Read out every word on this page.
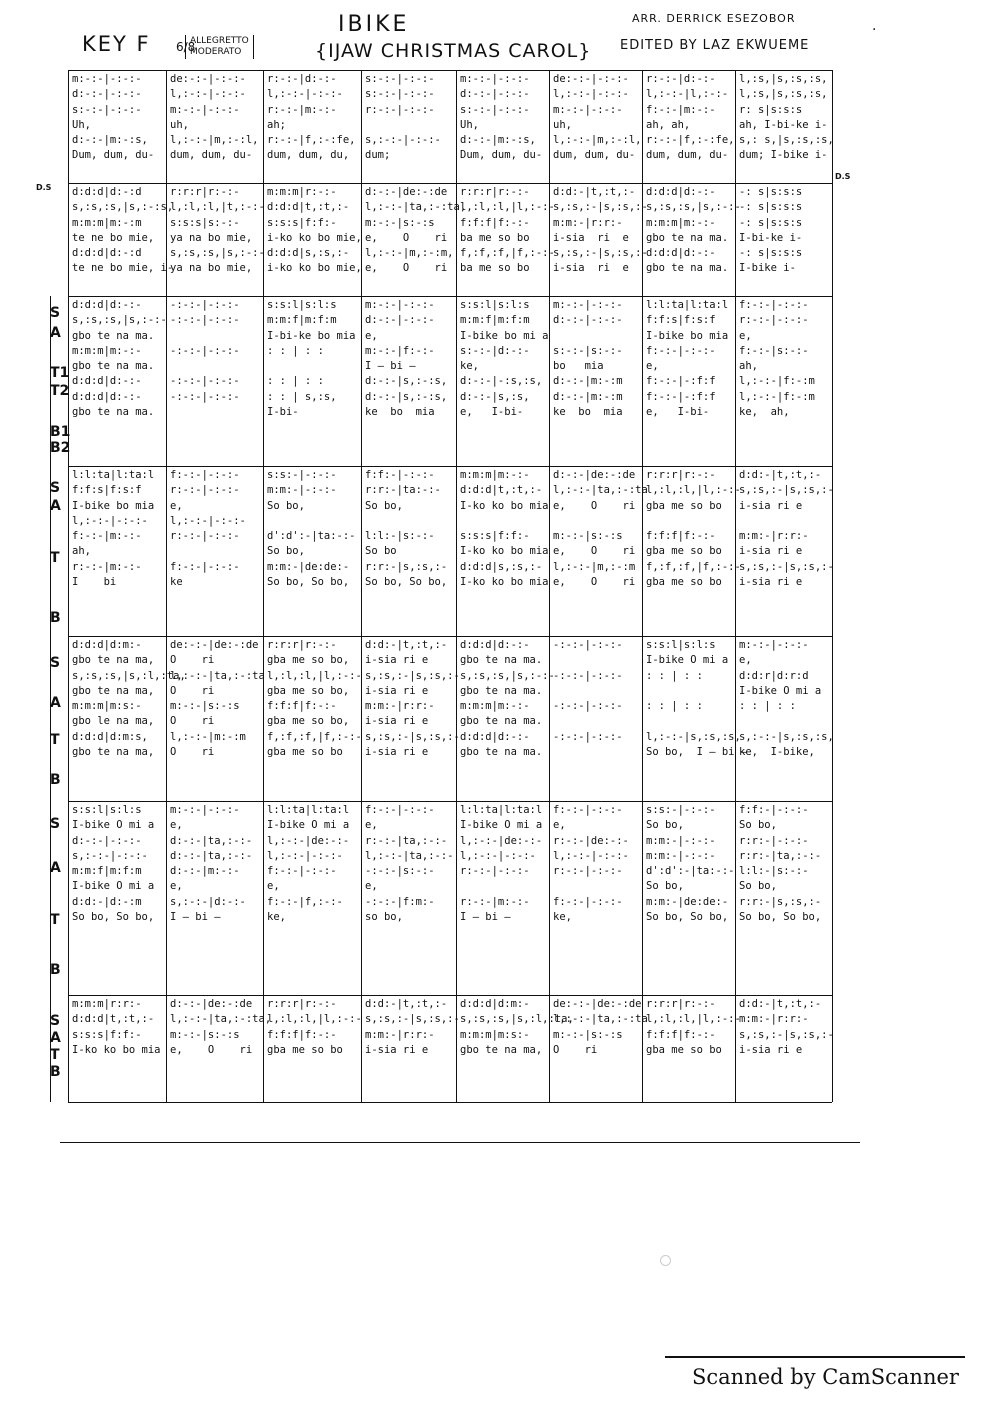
IBIKE
{IJAW CHRISTMAS CAROL}
KEY F 6/8
ALLEGRETTO
MODERATO
ARR. DERRICK ESEZOBOR
EDITED BY LAZ EKWUEME
·
m:-:-|-:-:-
d:-:-|-:-:-
s:-:-|-:-:-
Uh,
d:-:-|m:-:s,
Dum, dum, du-
de:-:-|-:-:-
l,:-:-|-:-:-
m:-:-|-:-:-
uh,
l,:-:-|m,:-:l,
dum, dum, du-
r:-:-|d:-:-
l,:-:-|-:-:-
r:-:-|m:-:-
ah;
r:-:-|f,:-:fe,
dum, dum, du,
s:-:-|-:-:-
s:-:-|-:-:-
r:-:-|-:-:-
s,:-:-|-:-:-
dum;
m:-:-|-:-:-
d:-:-|-:-:-
s:-:-|-:-:-
Uh,
d:-:-|m:-:s,
Dum, dum, du-
de:-:-|-:-:-
l,:-:-|-:-:-
m:-:-|-:-:-
uh,
l,:-:-|m,:-:l,
dum, dum, du-
r:-:-|d:-:-
l,:-:-|l,:-:-
f:-:-|m:-:-
ah, ah,
r:-:-|f,:-:fe,
dum, dum, du-
l,:s,|s,:s,:s,
l,:s,|s,:s,:s,
r: s|s:s:s
ah, I-bi-ke i-
s,: s,|s,:s,:s,
dum; I-bike i-
d:d:d|d:-:d
s,:s,:s,|s,:-:s,
m:m:m|m:-:m
te ne bo mie,
d:d:d|d:-:d
te ne bo mie, i-
r:r:r|r:-:-
l,:l,:l,|t,:-:-
s:s:s|s:-:-
ya na bo mie,
s,:s,:s,|s,:-:-
ya na bo mie,
m:m:m|r:-:-
d:d:d|t,:t,:-
s:s:s|f:f:-
i-ko ko bo mie,
d:d:d|s,:s,:-
i-ko ko bo mie,
d:-:-|de:-:de
l,:-:-|ta,:-:ta,
m:-:-|s:-:s
e,    O    ri
l,:-:-|m,:-:m,
e,    O    ri
r:r:r|r:-:-
l,:l,:l,|l,:-:-
f:f:f|f:-:-
ba me so bo
f,:f,:f,|f,:-:-
ba me so bo
d:d:-|t,:t,:-
s,:s,:-|s,:s,:-
m:m:-|r:r:-
i-sia  ri  e
s,:s,:-|s,:s,:-
i-sia  ri  e
d:d:d|d:-:-
s,:s,:s,|s,:-:-
m:m:m|m:-:-
gbo te na ma.
d:d:d|d:-:-
gbo te na ma.
-: s|s:s:s
-: s|s:s:s
-: s|s:s:s
I-bi-ke i-
-: s|s:s:s
I-bike i-
d:d:d|d:-:-
s,:s,:s,|s,:-:-
gbo te na ma.
m:m:m|m:-:-
gbo te na ma.
d:d:d|d:-:-
d:d:d|d:-:-
gbo te na ma.
-:-:-|-:-:-
-:-:-|-:-:-
-:-:-|-:-:-
-:-:-|-:-:-
-:-:-|-:-:-
s:s:l|s:l:s
m:m:f|m:f:m
I-bi-ke bo mia
: : | : :
: : | : :
: : | s,:s,
I-bi-
m:-:-|-:-:-
d:-:-|-:-:-
e,
m:-:-|f:-:-
I — bi —
d:-:-|s,:-:s,
d:-:-|s,:-:s,
ke  bo  mia
s:s:l|s:l:s
m:m:f|m:f:m
I-bike bo mi a
s:-:-|d:-:-
ke,
d:-:-|-:s,:s,
d:-:-|s,:s,
e,   I-bi-
m:-:-|-:-:-
d:-:-|-:-:-
s:-:-|s:-:-
bo   mia
d:-:-|m:-:m
d:-:-|m:-:m
ke  bo  mia
l:l:ta|l:ta:l
f:f:s|f:s:f
I-bike bo mia
f:-:-|-:-:-
e,
f:-:-|-:f:f
f:-:-|-:f:f
e,   I-bi-
f:-:-|-:-:-
r:-:-|-:-:-
e,
f:-:-|s:-:-
ah,
l,:-:-|f:-:m
l,:-:-|f:-:m
ke,  ah,
l:l:ta|l:ta:l
f:f:s|f:s:f
I-bike bo mia
l,:-:-|-:-:-
f:-:-|m:-:-
ah,
r:-:-|m:-:-
I    bi
f:-:-|-:-:-
r:-:-|-:-:-
e,
l,:-:-|-:-:-
r:-:-|-:-:-
f:-:-|-:-:-
ke
s:s:-|-:-:-
m:m:-|-:-:-
So bo,
d':d':-|ta:-:-
So bo,
m:m:-|de:de:-
So bo, So bo,
f:f:-|-:-:-
r:r:-|ta:-:-
So bo,
l:l:-|s:-:-
So bo
r:r:-|s,:s,:-
So bo, So bo,
m:m:m|m:-:-
d:d:d|t,:t,:-
I-ko ko bo mia
s:s:s|f:f:-
I-ko ko bo mia
d:d:d|s,:s,:-
I-ko ko bo mia
d:-:-|de:-:de
l,:-:-|ta,:-:ta
e,    O    ri
m:-:-|s:-:s
e,    O    ri
l,:-:-|m,:-:m
e,    O    ri
r:r:r|r:-:-
l,:l,:l,|l,:-:-
gba me so bo
f:f:f|f:-:-
gba me so bo
f,:f,:f,|f,:-:-
gba me so bo
d:d:-|t,:t,:-
s,:s,:-|s,:s,:-
i-sia ri e
m:m:-|r:r:-
i-sia ri e
s,:s,:-|s,:s,:-
i-sia ri e
d:d:d|d:m:-
gbo te na ma,
s,:s,:s,|s,:l,:ta,
gbo te na ma,
m:m:m|m:s:-
gbo le na ma,
d:d:d|d:m:s,
gbo te na ma,
de:-:-|de:-:de
O    ri
l,:-:-|ta,:-:ta
O    ri
m:-:-|s:-:s
O    ri
l,:-:-|m:-:m
O    ri
r:r:r|r:-:-
gba me so bo,
l,:l,:l,|l,:-:-
gba me so bo,
f:f:f|f:-:-
gba me so bo,
f,:f,:f,|f,:-:-
gba me so bo
d:d:-|t,:t,:-
i-sia ri e
s,:s,:-|s,:s,:-
i-sia ri e
m:m:-|r:r:-
i-sia ri e
s,:s,:-|s,:s,:-
i-sia ri e
d:d:d|d:-:-
gbo te na ma.
s,:s,:s,|s,:-:-
gbo te na ma.
m:m:m|m:-:-
gbo te na ma.
d:d:d|d:-:-
gbo te na ma.
-:-:-|-:-:-
-:-:-|-:-:-
-:-:-|-:-:-
-:-:-|-:-:-
s:s:l|s:l:s
I-bike O mi a
: : | : :
: : | : :
l,:-:-|s,:s,:s,
So bo,  I — bi —
m:-:-|-:-:-
e,
d:d:r|d:r:d
I-bike O mi a
: : | : :
s,:-:-|s,:s,:s,
ke,  I-bike,
s:s:l|s:l:s
I-bike O mi a
d:-:-|-:-:-
s,:-:-|-:-:-
m:m:f|m:f:m
I-bike O mi a
d:d:-|d:-:m
So bo, So bo,
m:-:-|-:-:-
e,
d:-:-|ta,:-:-
d:-:-|ta,:-:-
d:-:-|m:-:-
e,
s,:-:-|d:-:-
I — bi —
l:l:ta|l:ta:l
I-bike O mi a
l,:-:-|de:-:-
l,:-:-|-:-:-
f:-:-|-:-:-
e,
f:-:-|f,:-:-
ke,
f:-:-|-:-:-
e,
r:-:-|ta,:-:-
l,:-:-|ta,:-:-
-:-:-|s:-:-
e,
-:-:-|f:m:-
so bo,
l:l:ta|l:ta:l
I-bike O mi a
l,:-:-|de:-:-
l,:-:-|-:-:-
r:-:-|-:-:-
r:-:-|m:-:-
I — bi —
f:-:-|-:-:-
e,
r:-:-|de:-:-
l,:-:-|-:-:-
r:-:-|-:-:-
f:-:-|-:-:-
ke,
s:s:-|-:-:-
So bo,
m:m:-|-:-:-
m:m:-|-:-:-
d':d':-|ta:-:-
So bo,
m:m:-|de:de:-
So bo, So bo,
f:f:-|-:-:-
So bo,
r:r:-|-:-:-
r:r:-|ta,:-:-
l:l:-|s:-:-
So bo,
r:r:-|s,:s,:-
So bo, So bo,
m:m:m|r:r:-
d:d:d|t,:t,:-
s:s:s|f:f:-
I-ko ko bo mia
d:-:-|de:-:de
l,:-:-|ta,:-:ta,
m:-:-|s:-:s
e,    O    ri
r:r:r|r:-:-
l,:l,:l,|l,:-:-
f:f:f|f:-:-
gba me so bo
d:d:-|t,:t,:-
s,:s,:-|s,:s,:-
m:m:-|r:r:-
i-sia ri e
d:d:d|d:m:-
s,:s,:s,|s,:l,:ta,
m:m:m|m:s:-
gbo te na ma,
de:-:-|de:-:de
l,:-:-|ta,:-:ta
m:-:-|s:-:s
O    ri
r:r:r|r:-:-
l,:l,:l,|l,:-:-
f:f:f|f:-:-
gba me so bo
d:d:-|t,:t,:-
m:m:-|r:r:-
s,:s,:-|s,:s,:-
i-sia ri e
S
A
T1
T2
B1
B2
S
A
T
B
S
A
T
B
S
A
T
B
S
A
T
B
D.S
D.S
Scanned by CamScanner
